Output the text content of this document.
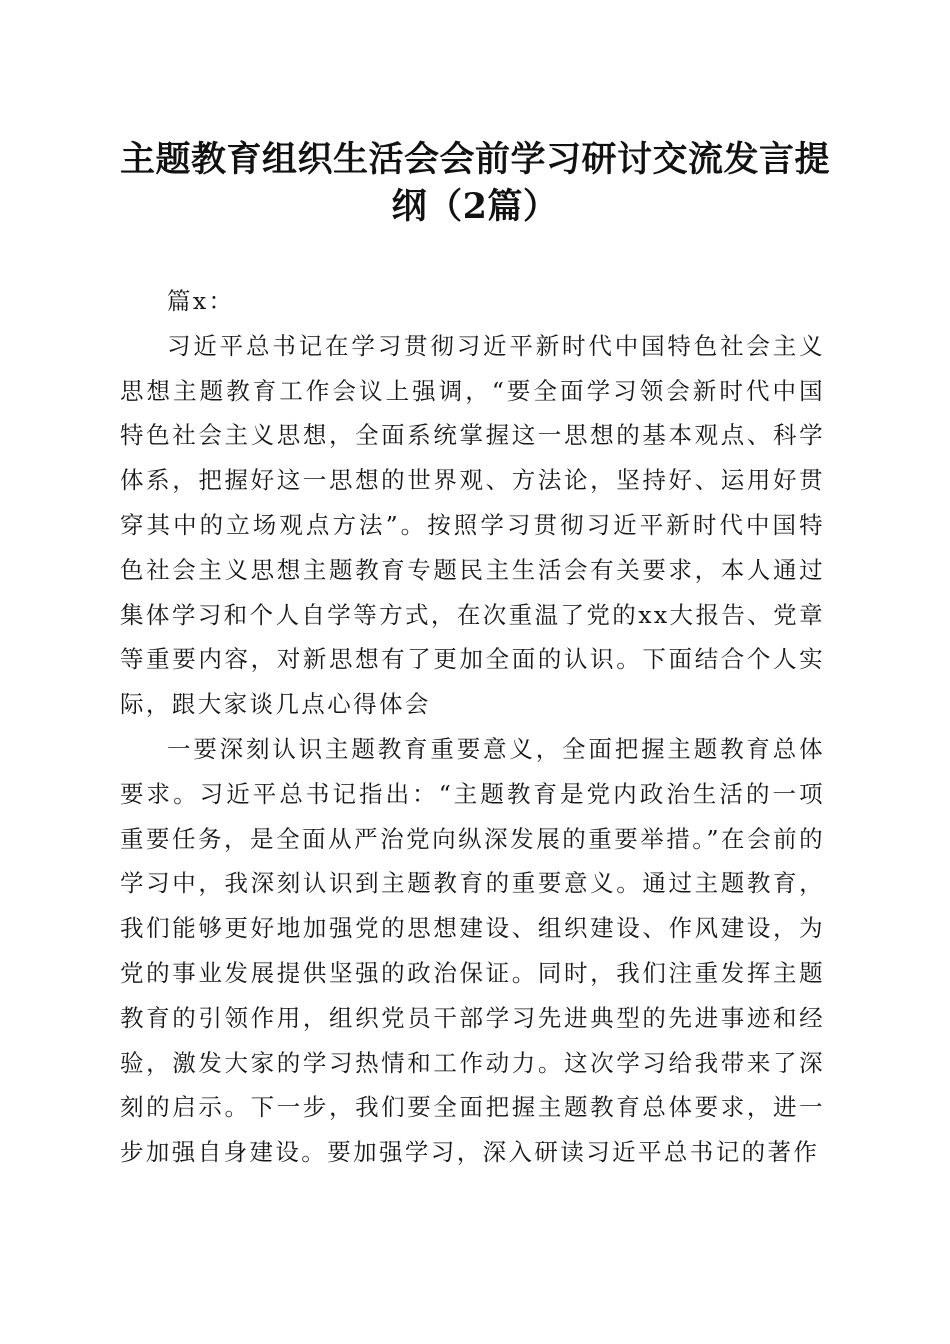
主题教育组织生活会会前学习研讨交流发言提纲（2篇）

篇x：

习近平总书记在学习贯彻习近平新时代中国特色社会主义思想主题教育工作会议上强调，“要全面学习领会新时代中国特色社会主义思想，全面系统掌握这一思想的基本观点、科学体系，把握好这一思想的世界观、方法论，坚持好、运用好贯穿其中的立场观点方法”。按照学习贯彻习近平新时代中国特色社会主义思想主题教育专题民主生活会有关要求，本人通过集体学习和个人自学等方式，在次重温了党的xx大报告、党章等重要内容，对新思想有了更加全面的认识。下面结合个人实际，跟大家谈几点心得体会

一要深刻认识主题教育重要意义，全面把握主题教育总体要求。习近平总书记指出：“主题教育是党内政治生活的一项重要任务，是全面从严治党向纵深发展的重要举措。”在会前的学习中，我深刻认识到主题教育的重要意义。通过主题教育，我们能够更好地加强党的思想建设、组织建设、作风建设，为党的事业发展提供坚强的政治保证。同时，我们注重发挥主题教育的引领作用，组织党员干部学习先进典型的先进事迹和经验，激发大家的学习热情和工作动力。这次学习给我带来了深刻的启示。下一步，我们要全面把握主题教育总体要求，进一步加强自身建设。要加强学习，深入研读习近平总书记的著作
